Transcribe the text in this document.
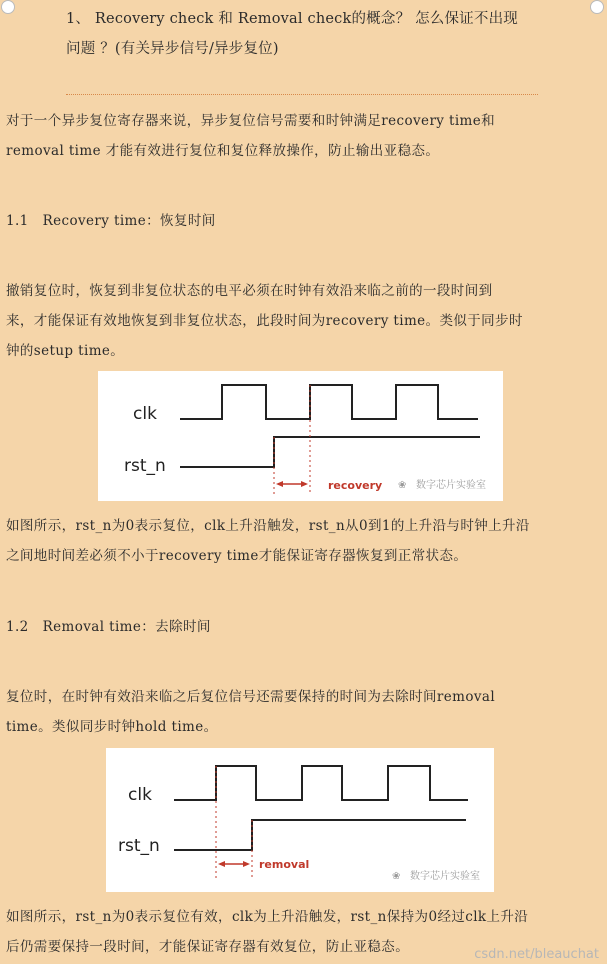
1、 Recovery check 和 Removal check的概念？ 怎么保证不出现
问题 ？(有关异步信号/异步复位)
对于一个异步复位寄存器来说，异步复位信号需要和时钟满足recovery time和
removal time 才能有效进行复位和复位释放操作，防止输出亚稳态。
1.1　Recovery time：恢复时间
撤销复位时，恢复到非复位状态的电平必须在时钟有效沿来临之前的一段时间到
来，才能保证有效地恢复到非复位状态，此段时间为recovery time。类似于同步时
钟的setup time。
clk
rst_n
recovery ❀ 数字芯片实验室
如图所示，rst_n为0表示复位，clk上升沿触发，rst_n从0到1的上升沿与时钟上升沿
之间地时间差必须不小于recovery time才能保证寄存器恢复到正常状态。
1.2　Removal time：去除时间
复位时，在时钟有效沿来临之后复位信号还需要保持的时间为去除时间removal
time。类似同步时钟hold time。
clk
rst_n
removal
❀ 数字芯片实验室
如图所示，rst_n为0表示复位有效，clk为上升沿触发，rst_n保持为0经过clk上升沿
后仍需要保持一段时间，才能保证寄存器有效复位，防止亚稳态。	csdn.net/bleauchat
